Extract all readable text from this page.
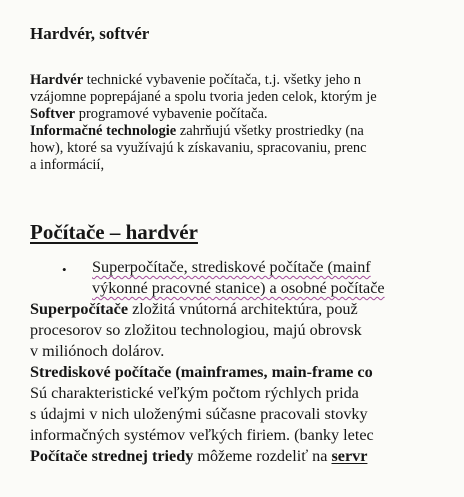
Hardvér, softvér
Hardvér technické vybavenie počítača, t.j. všetky jeho n
vzájomne poprepájané a spolu tvoria jeden celok, ktorým je
Softver programové vybavenie počítača.
Informačné technologie zahrňujú všetky prostriedky (na
how), ktoré sa využívajú k získavaniu, spracovaniu, prenc
a informácií,
Počítače – hardvér
• Superpočítače, strediskové počítače (mainf
výkonné pracovné stanice) a osobné počítače
Superpočítače zložitá vnútorná architektúra, použ
procesorov so zložitou technologiou, majú obrovsk
v miliónoch dolárov.
Strediskové počítače (mainframes, main-frame co
Sú charakteristické veľkým počtom rýchlych prida
s údajmi v nich uloženými súčasne pracovali stovky
informačných systémov veľkých firiem. (banky letec
Počítače strednej triedy môžeme rozdeliť na servr
